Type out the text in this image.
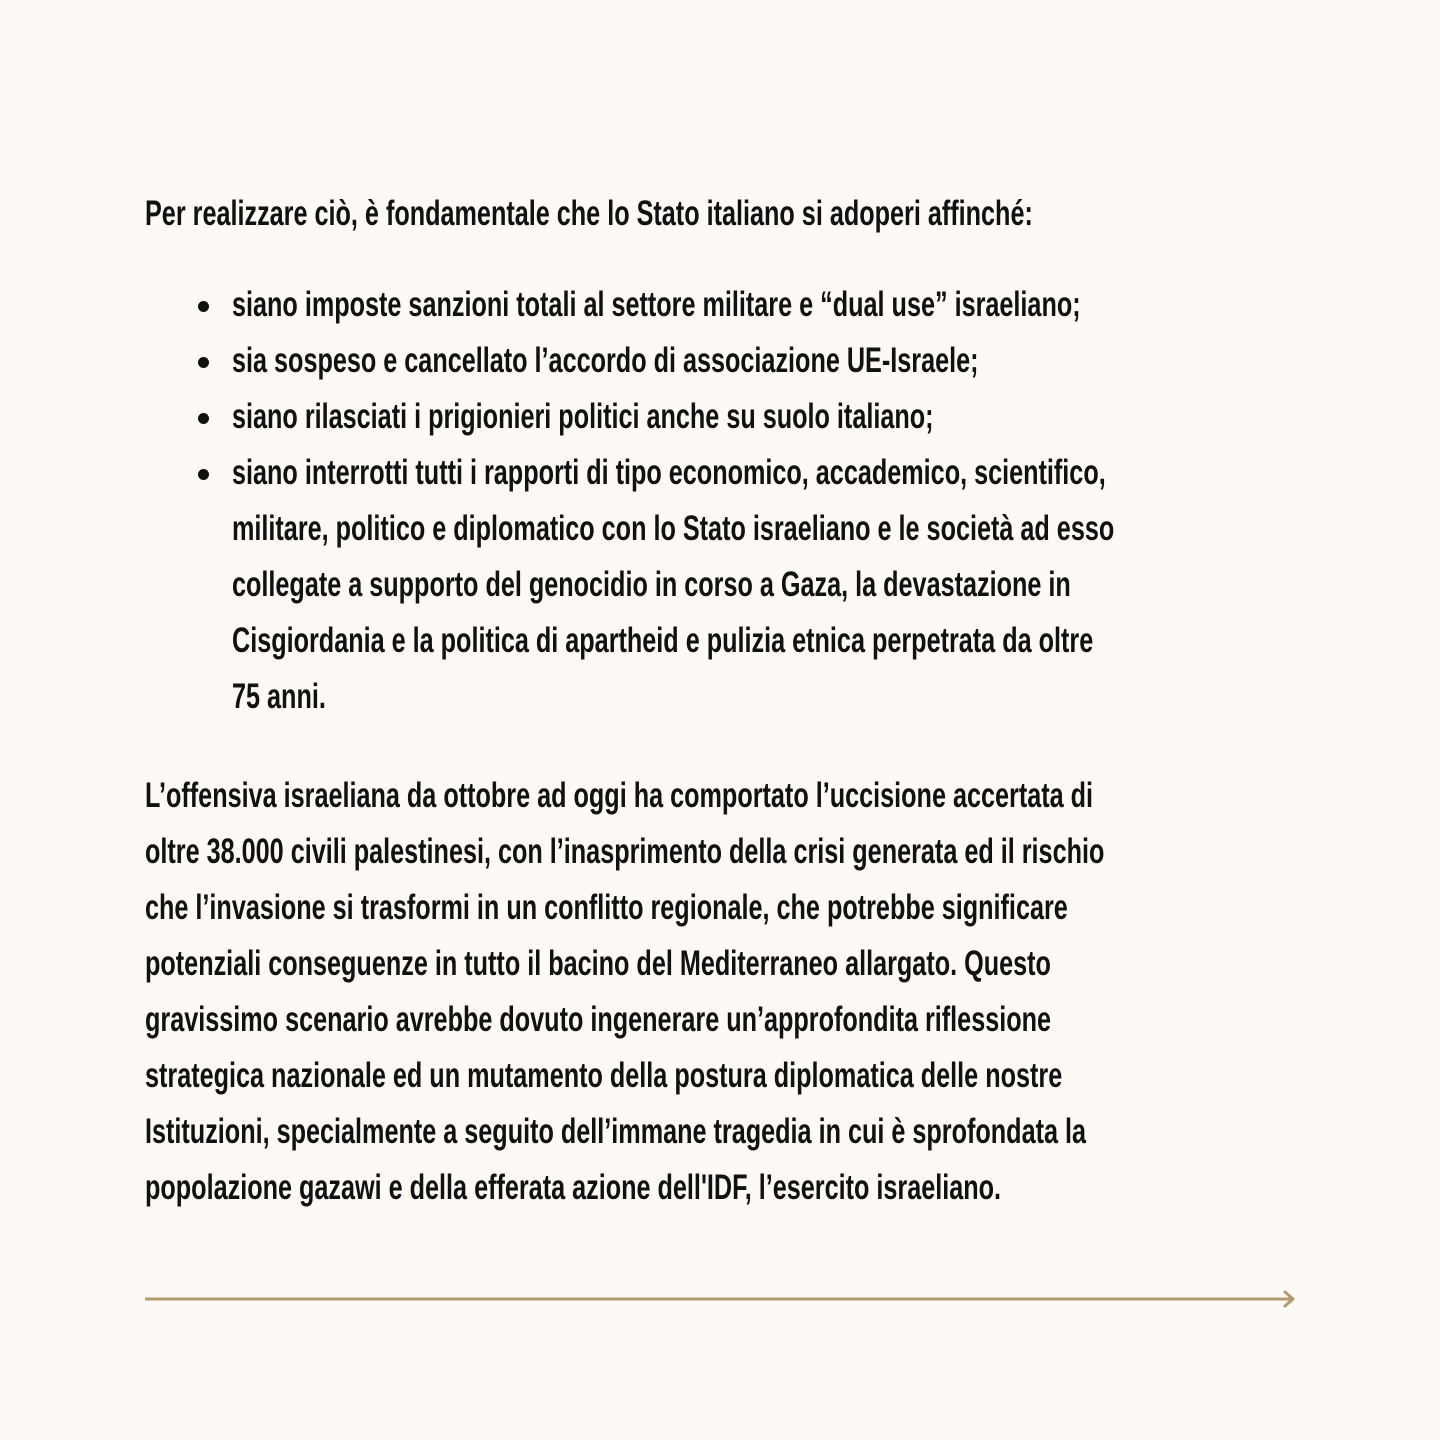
Per realizzare ciò, è fondamentale che lo Stato italiano si adoperi affinché:

siano imposte sanzioni totali al settore militare e “dual use” israeliano;
sia sospeso e cancellato l’accordo di associazione UE-Israele;
siano rilasciati i prigionieri politici anche su suolo italiano;
siano interrotti tutti i rapporti di tipo economico, accademico, scientifico,
militare, politico e diplomatico con lo Stato israeliano e le società ad esso
collegate a supporto del genocidio in corso a Gaza, la devastazione in
Cisgiordania e la politica di apartheid e pulizia etnica perpetrata da oltre
75 anni.
L’offensiva israeliana da ottobre ad oggi ha comportato l’uccisione accertata di
oltre 38.000 civili palestinesi, con l’inasprimento della crisi generata ed il rischio
che l’invasione si trasformi in un conflitto regionale, che potrebbe significare
potenziali conseguenze in tutto il bacino del Mediterraneo allargato. Questo
gravissimo scenario avrebbe dovuto ingenerare un’approfondita riflessione
strategica nazionale ed un mutamento della postura diplomatica delle nostre
Istituzioni, specialmente a seguito dell’immane tragedia in cui è sprofondata la
popolazione gazawi e della efferata azione dell'IDF, l’esercito israeliano.
